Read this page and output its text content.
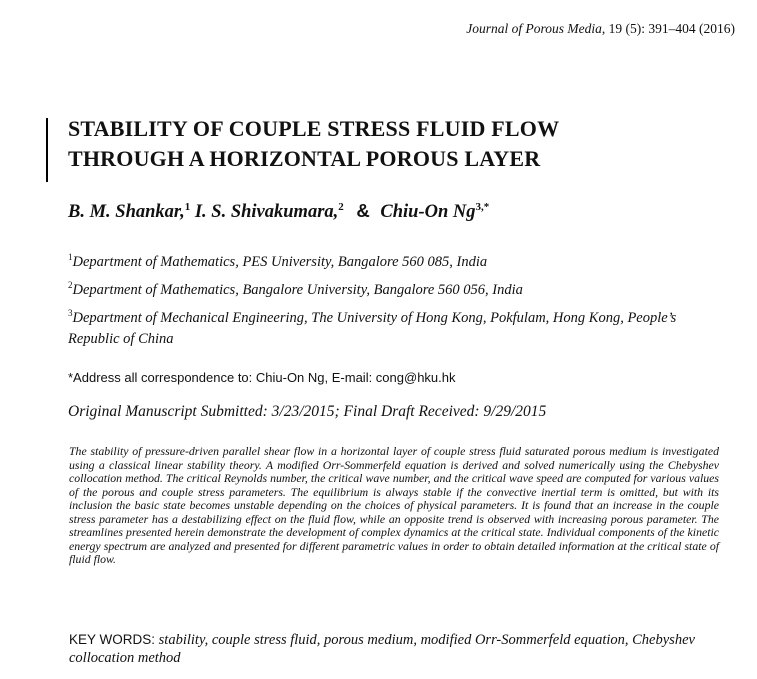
Journal of Porous Media, 19 (5): 391–404 (2016)
STABILITY OF COUPLE STRESS FLUID FLOW
THROUGH A HORIZONTAL POROUS LAYER
B. M. Shankar,$^1$ I. S. Shivakumara,$^2$ & Chiu-On $Ng^{3,*}$
$^1$Department of Mathematics, PES University, Bangalore 560 085, India
$^2$Department of Mathematics, Bangalore University, Bangalore 560 056, India
$^3$Department of Mechanical Engineering, The University of Hong Kong, Pokfulam, Hong Kong, People’s Republic of China
*Address all correspondence to: Chiu-On Ng, E-mail: cong@hku.hk
Original Manuscript Submitted: 3/23/2015; Final Draft Received: 9/29/2015
The stability of pressure-driven parallel shear flow in a horizontal layer of couple stress fluid saturated porous medium is investigated using a classical linear stability theory. A modified Orr-Sommerfeld equation is derived and solved numerically using the Chebyshev collocation method. The critical Reynolds number, the critical wave number, and the critical wave speed are computed for various values of the porous and couple stress parameters. The equilibrium is always stable if the convective inertial term is omitted, but with its inclusion the basic state becomes unstable depending on the choices of physical parameters. It is found that an increase in the couple stress parameter has a destabilizing effect on the fluid flow, while an opposite trend is observed with increasing porous parameter. The streamlines presented herein demonstrate the development of complex dynamics at the critical state. Individual components of the kinetic energy spectrum are analyzed and presented for different parametric values in order to obtain detailed information at the critical state of fluid flow.
KEY WORDS: stability, couple stress fluid, porous medium, modified Orr-Sommerfeld equation, Chebyshev collocation method
